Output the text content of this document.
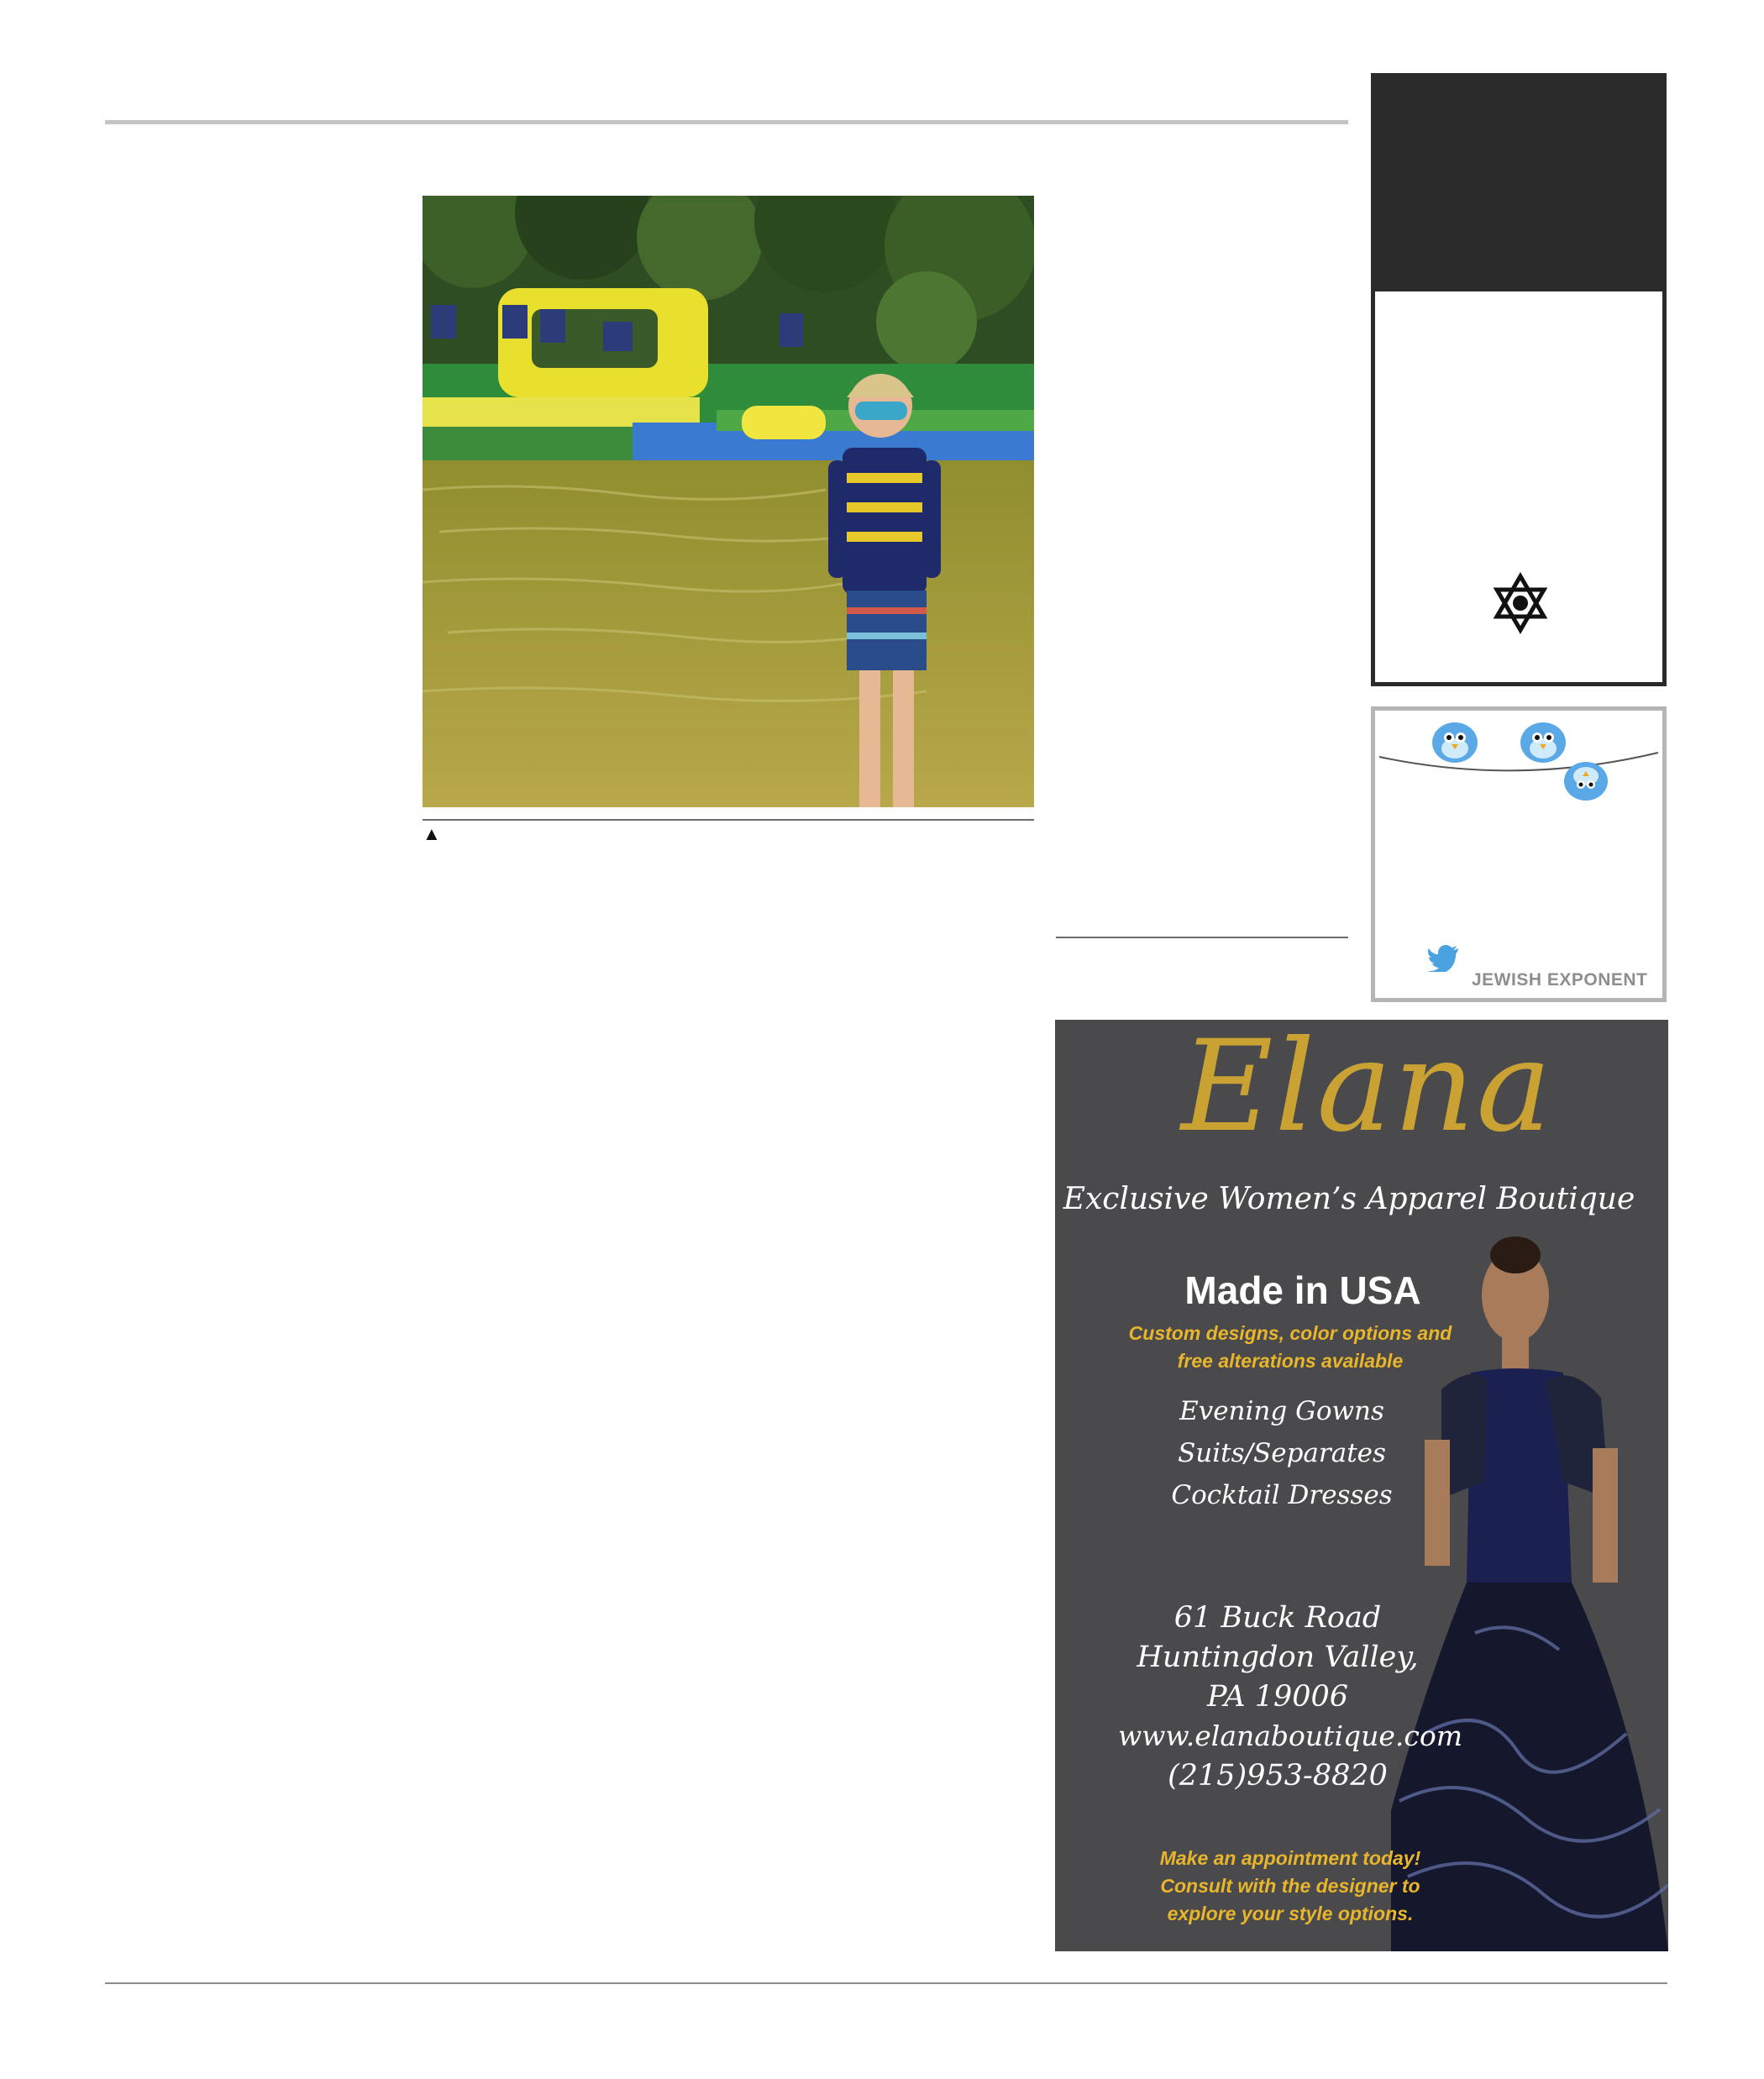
▲
JEWISH EXPONENT
Elana
Exclusive Women’s Apparel Boutique
Made in USA
Custom designs, color options and
free alterations available
Evening Gowns
Suits/Separates
Cocktail Dresses
61 Buck Road
Huntingdon Valley,
PA 19006
www.elanaboutique.com
(215)953-8820
Make an appointment today!
Consult with the designer to
explore your style options.
